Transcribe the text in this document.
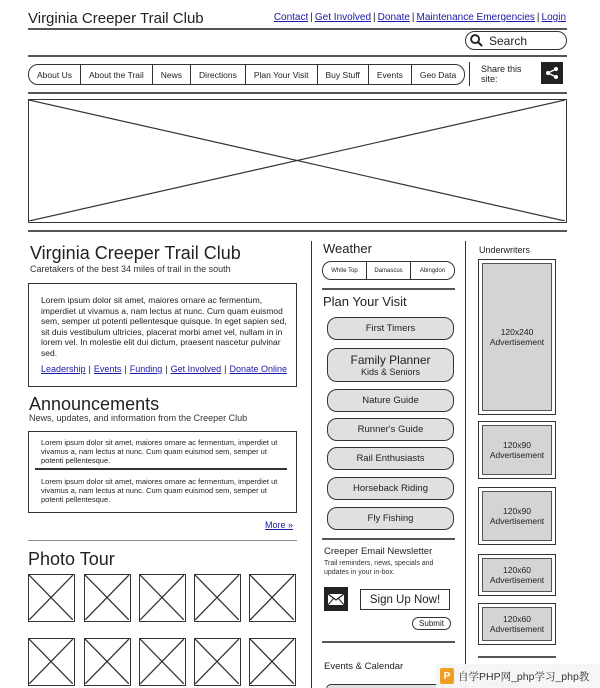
Virginia Creeper Trail Club	Contact | Get Involved | Donate | Maintenance Emergencies | Login
Search
About Us	About the Trail	News	Directions	Plan Your Visit	Buy Stuff	Events	Geo Data
Share this site:
Virginia Creeper Trail Club
Caretakers of the best 34 miles of trail in the south
Lorem ipsum dolor sit amet, maiores ornare ac fermentum, imperdiet ut vivamus a, nam lectus at nunc. Cum quam euismod sem, semper ut potenti pellentesque quisque. In eget sapien sed, sit duis vestibulum ultricies, placerat morbi amet vel, nullam in in lorem vel. In molestie elit dui dictum, praesent nascetur pulvinar sed.
Leadership | Events | Funding | Get Involved | Donate Online
Announcements
News, updates, and information from the Creeper Club
Lorem ipsum dolor sit amet, maiores ornare ac fermentum, imperdiet ut vivamus a, nam lectus at nunc. Cum quam euismod sem, semper ut potenti pellentesque.
Lorem ipsum dolor sit amet, maiores ornare ac fermentum, imperdiet ut vivamus a, nam lectus at nunc. Cum quam euismod sem, semper ut potenti pellentesque.
More »
Photo Tour
Weather
White Top	Damascus	Abingdon
Plan Your Visit
First Timers
Family Planner
Kids & Seniors
Nature Guide
Runner's Guide
Rail Enthusiasts
Horseback Riding
Fly Fishing
Creeper Email Newsletter
Trail reminders, news, specials and updates in your in-box.
Sign Up Now!
Submit
Events & Calendar
Underwriters
120x240
Advertisement
120x90
Advertisement
120x90
Advertisement
120x60
Advertisement
120x60
Advertisement
P 自学PHP网_php学习_php教
